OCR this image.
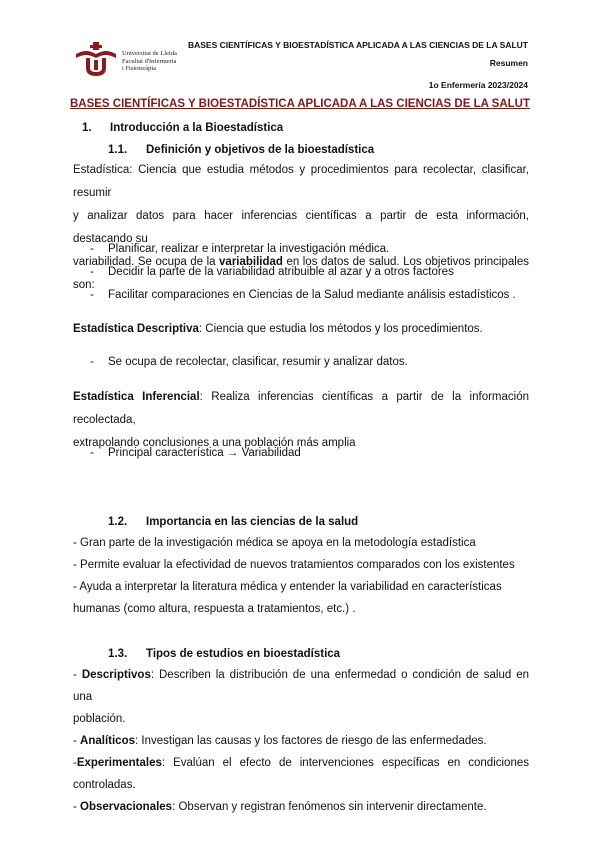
BASES CIENTÍFICAS Y BIOESTADÍSTICA APLICADA A LAS CIENCIAS DE LA SALUT
Resumen
1o Enfermería 2023/2024
Universitat de Lleida
Facultat d'Infermeria
i Fisioteràpia
BASES CIENTÍFICAS Y BIOESTADÍSTICA APLICADA A LAS CIENCIAS DE LA SALUT
1. Introducción a la Bioestadística
1.1. Definición y objetivos de la bioestadística
Estadística: Ciencia que estudia métodos y procedimientos para recolectar, clasificar, resumir
y analizar datos para hacer inferencias científicas a partir de esta información, destacando su
variabilidad. Se ocupa de la variabilidad en los datos de salud. Los objetivos principales son:
- Planificar, realizar e interpretar la investigación médica.
- Decidir la parte de la variabilidad atribuible al azar y a otros factores
- Facilitar comparaciones en Ciencias de la Salud mediante análisis estadísticos .
Estadística Descriptiva: Ciencia que estudia los métodos y los procedimientos.
- Se ocupa de recolectar, clasificar, resumir y analizar datos.
Estadística Inferencial: Realiza inferencias científicas a partir de la información recolectada,
extrapolando conclusiones a una población más amplia
- Principal característica → Variabilidad
1.2. Importancia en las ciencias de la salud
- Gran parte de la investigación médica se apoya en la metodología estadística
- Permite evaluar la efectividad de nuevos tratamientos comparados con los existentes
- Ayuda a interpretar la literatura médica y entender la variabilidad en características
humanas (como altura, respuesta a tratamientos, etc.) .
1.3. Tipos de estudios en bioestadística
- Descriptivos: Describen la distribución de una enfermedad o condición de salud en una
población.
- Analíticos: Investigan las causas y los factores de riesgo de las enfermedades.
-Experimentales: Evalúan el efecto de intervenciones específicas en condiciones controladas.
- Observacionales: Observan y registran fenómenos sin intervenir directamente.
